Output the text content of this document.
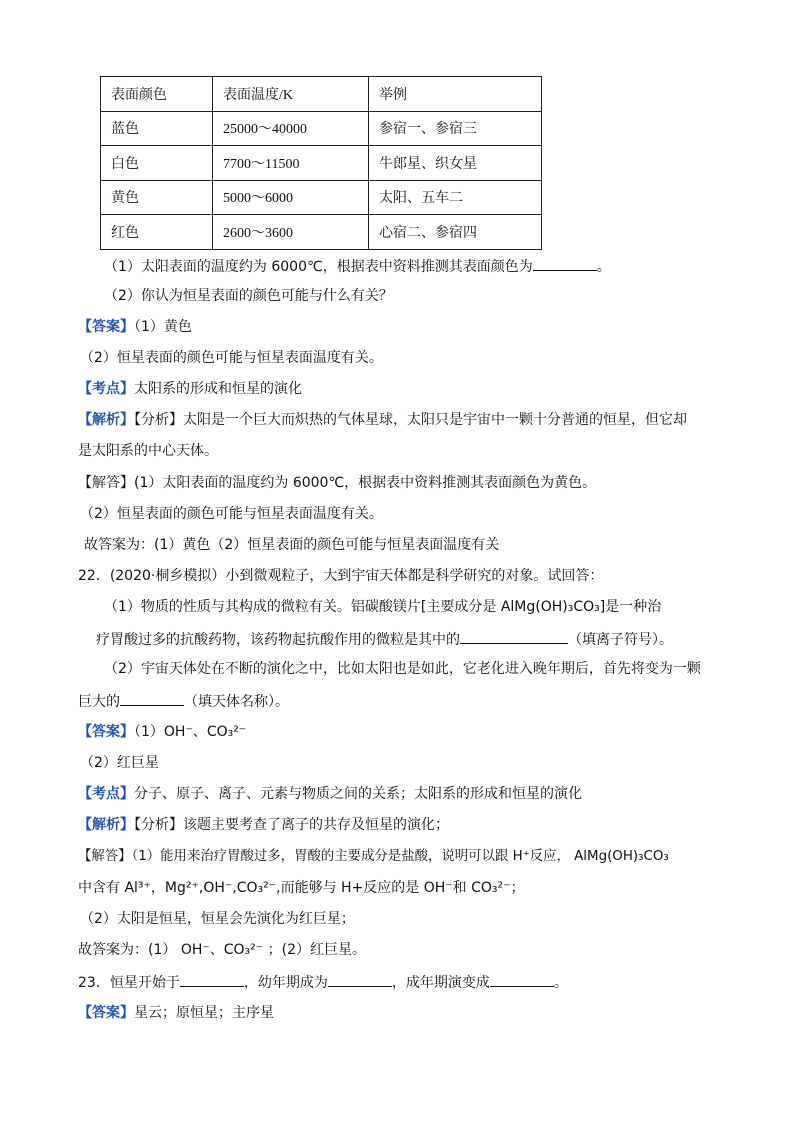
表面颜色	表面温度/K	举例
蓝色	25000～40000	参宿一、参宿三
白色	7700～11500	牛郎星、织女星
黄色	5000～6000	太阳、五车二
红色	2600～3600	心宿二、参宿四
（1）太阳表面的温度约为 6000℃，根据表中资料推测其表面颜色为	。
（2）你认为恒星表面的颜色可能与什么有关？
【答案】（1）黄色
（2）恒星表面的颜色可能与恒星表面温度有关。
【考点】太阳系的形成和恒星的演化
【解析】【分析】太阳是一个巨大而炽热的气体星球，太阳只是宇宙中一颗十分普通的恒星，但它却
是太阳系的中心天体。
【解答】(1）太阳表面的温度约为 6000℃，根据表中资料推测其表面颜色为黄色。
（2）恒星表面的颜色可能与恒星表面温度有关。
故答案为：(1）黄色（2）恒星表面的颜色可能与恒星表面温度有关
22．(2020·桐乡模拟）小到微观粒子，大到宇宙天体都是科学研究的对象。试回答：
（1）物质的性质与其构成的微粒有关。铝碳酸镁片[主要成分是 AlMg(OH)₃CO₃]是一种治
疗胃酸过多的抗酸药物，该药物起抗酸作用的微粒是其中的	（填离子符号）。
（2）宇宙天体处在不断的演化之中，比如太阳也是如此，它老化进入晚年期后，首先将变为一颗
巨大的	（填天体名称）。
【答案】（1）OH⁻、CO₃²⁻
（2）红巨星
【考点】分子、原子、离子、元素与物质之间的关系；太阳系的形成和恒星的演化
【解析】【分析】该题主要考查了离子的共存及恒星的演化；
【解答】（1）能用来治疗胃酸过多，胃酸的主要成分是盐酸，说明可以跟 H⁺反应， AlMg(OH)₃CO₃
中含有 Al³⁺，Mg²⁺,OH⁻,CO₃²⁻,而能够与 H+反应的是 OH⁻和 CO₃²⁻；
（2）太阳是恒星，恒星会先演化为红巨星；
故答案为：(1） OH⁻、CO₃²⁻ ；(2）红巨星。
23．恒星开始于	，幼年期成为	，成年期演变成	。
【答案】星云；原恒星；主序星
